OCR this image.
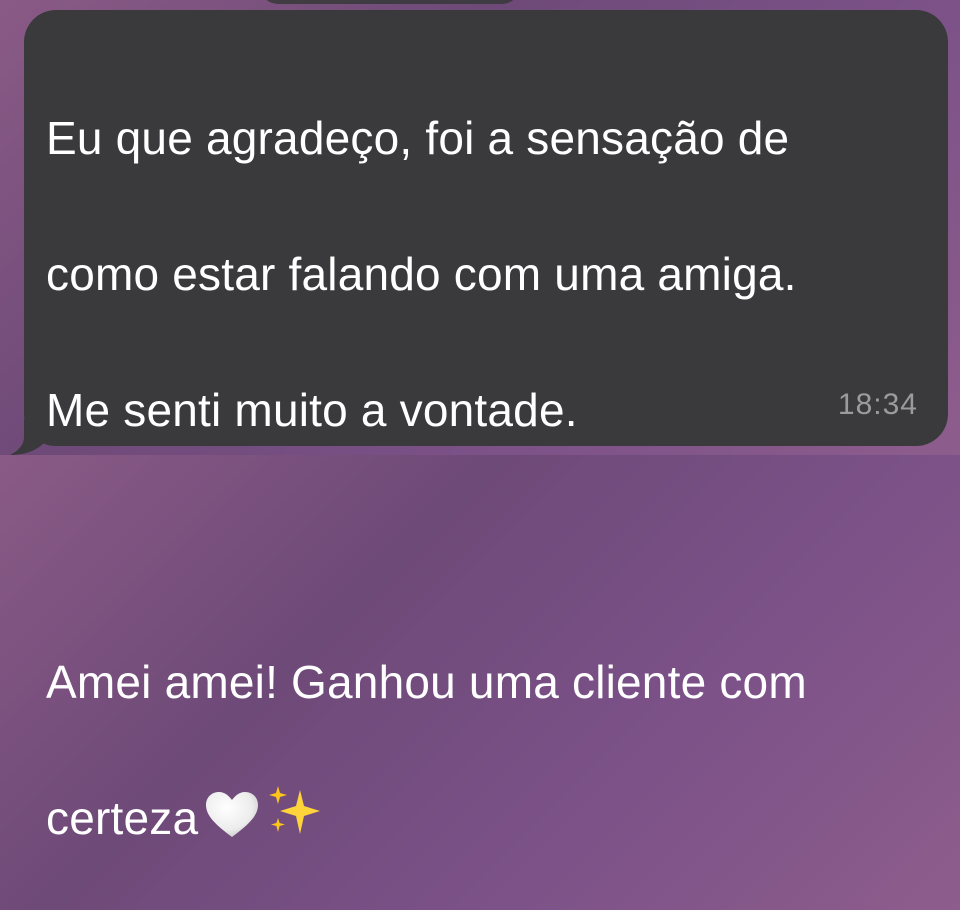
Eu que agradeço, foi a sensação de

como estar falando com uma amiga.

Me senti muito a vontade.

Amei amei! Ganhou uma cliente com

certeza

18:34
